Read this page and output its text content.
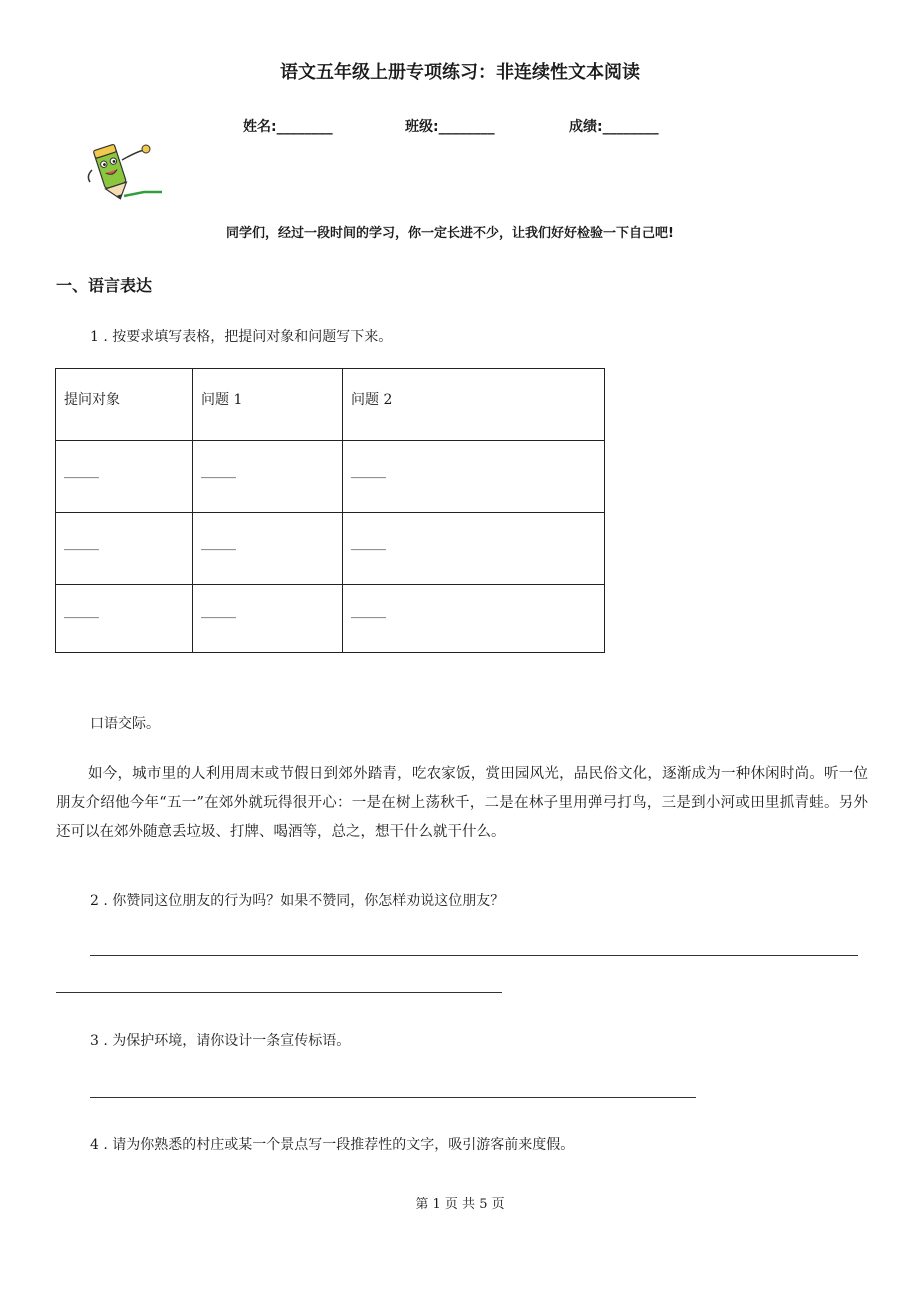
语文五年级上册专项练习：非连续性文本阅读
姓名:________	班级:________	成绩:________
同学们，经过一段时间的学习，你一定长进不少，让我们好好检验一下自己吧!
一、语言表达
1 . 按要求填写表格，把提问对象和问题写下来。
提问对象	问题 1	问题 2
_____	_____	_____
_____	_____	_____
_____	_____	_____
口语交际。
如今，城市里的人利用周末或节假日到郊外踏青，吃农家饭，赏田园风光，品民俗文化，逐渐成为一种休闲时尚。听一位朋友介绍他今年“五一”在郊外就玩得很开心：一是在树上荡秋千，二是在林子里用弹弓打鸟，三是到小河或田里抓青蛙。另外还可以在郊外随意丢垃圾、打牌、喝酒等，总之，想干什么就干什么。
2 . 你赞同这位朋友的行为吗？如果不赞同，你怎样劝说这位朋友？
3 . 为保护环境，请你设计一条宣传标语。
4 . 请为你熟悉的村庄或某一个景点写一段推荐性的文字，吸引游客前来度假。
第 1 页 共 5 页
